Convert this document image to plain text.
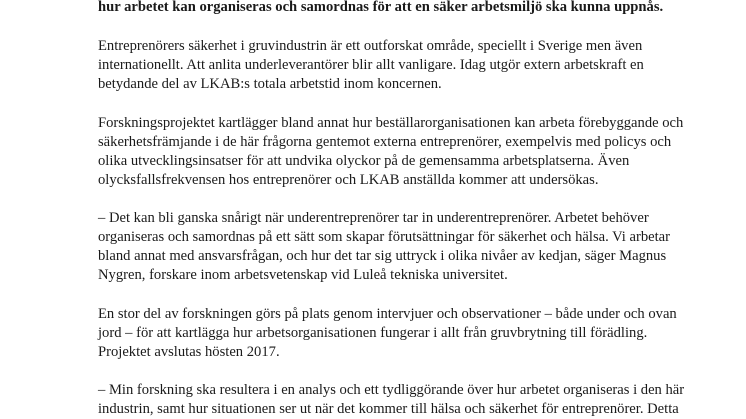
hur arbetet kan organiseras och samordnas för att en säker arbetsmiljö ska kunna uppnås.
Entreprenörers säkerhet i gruvindustrin är ett outforskat område, speciellt i Sverige men även
internationellt. Att anlita underleverantörer blir allt vanligare. Idag utgör extern arbetskraft en
betydande del av LKAB:s totala arbetstid inom koncernen.
Forskningsprojektet kartlägger bland annat hur beställarorganisationen kan arbeta förebyggande och
säkerhetsfrämjande i de här frågorna gentemot externa entreprenörer, exempelvis med policys och
olika utvecklingsinsatser för att undvika olyckor på de gemensamma arbetsplatserna. Även
olycksfallsfrekvensen hos entreprenörer och LKAB anställda kommer att undersökas.
– Det kan bli ganska snårigt när underentreprenörer tar in underentreprenörer. Arbetet behöver
organiseras och samordnas på ett sätt som skapar förutsättningar för säkerhet och hälsa. Vi arbetar
bland annat med ansvarsfrågan, och hur det tar sig uttryck i olika nivåer av kedjan, säger Magnus
Nygren, forskare inom arbetsvetenskap vid Luleå tekniska universitet.
En stor del av forskningen görs på plats genom intervjuer och observationer – både under och ovan
jord – för att kartlägga hur arbetsorganisationen fungerar i allt från gruvbrytning till förädling.
Projektet avslutas hösten 2017.
– Min forskning ska resultera i en analys och ett tydliggörande över hur arbetet organiseras i den här
industrin, samt hur situationen ser ut när det kommer till hälsa och säkerhet för entreprenörer. Detta
